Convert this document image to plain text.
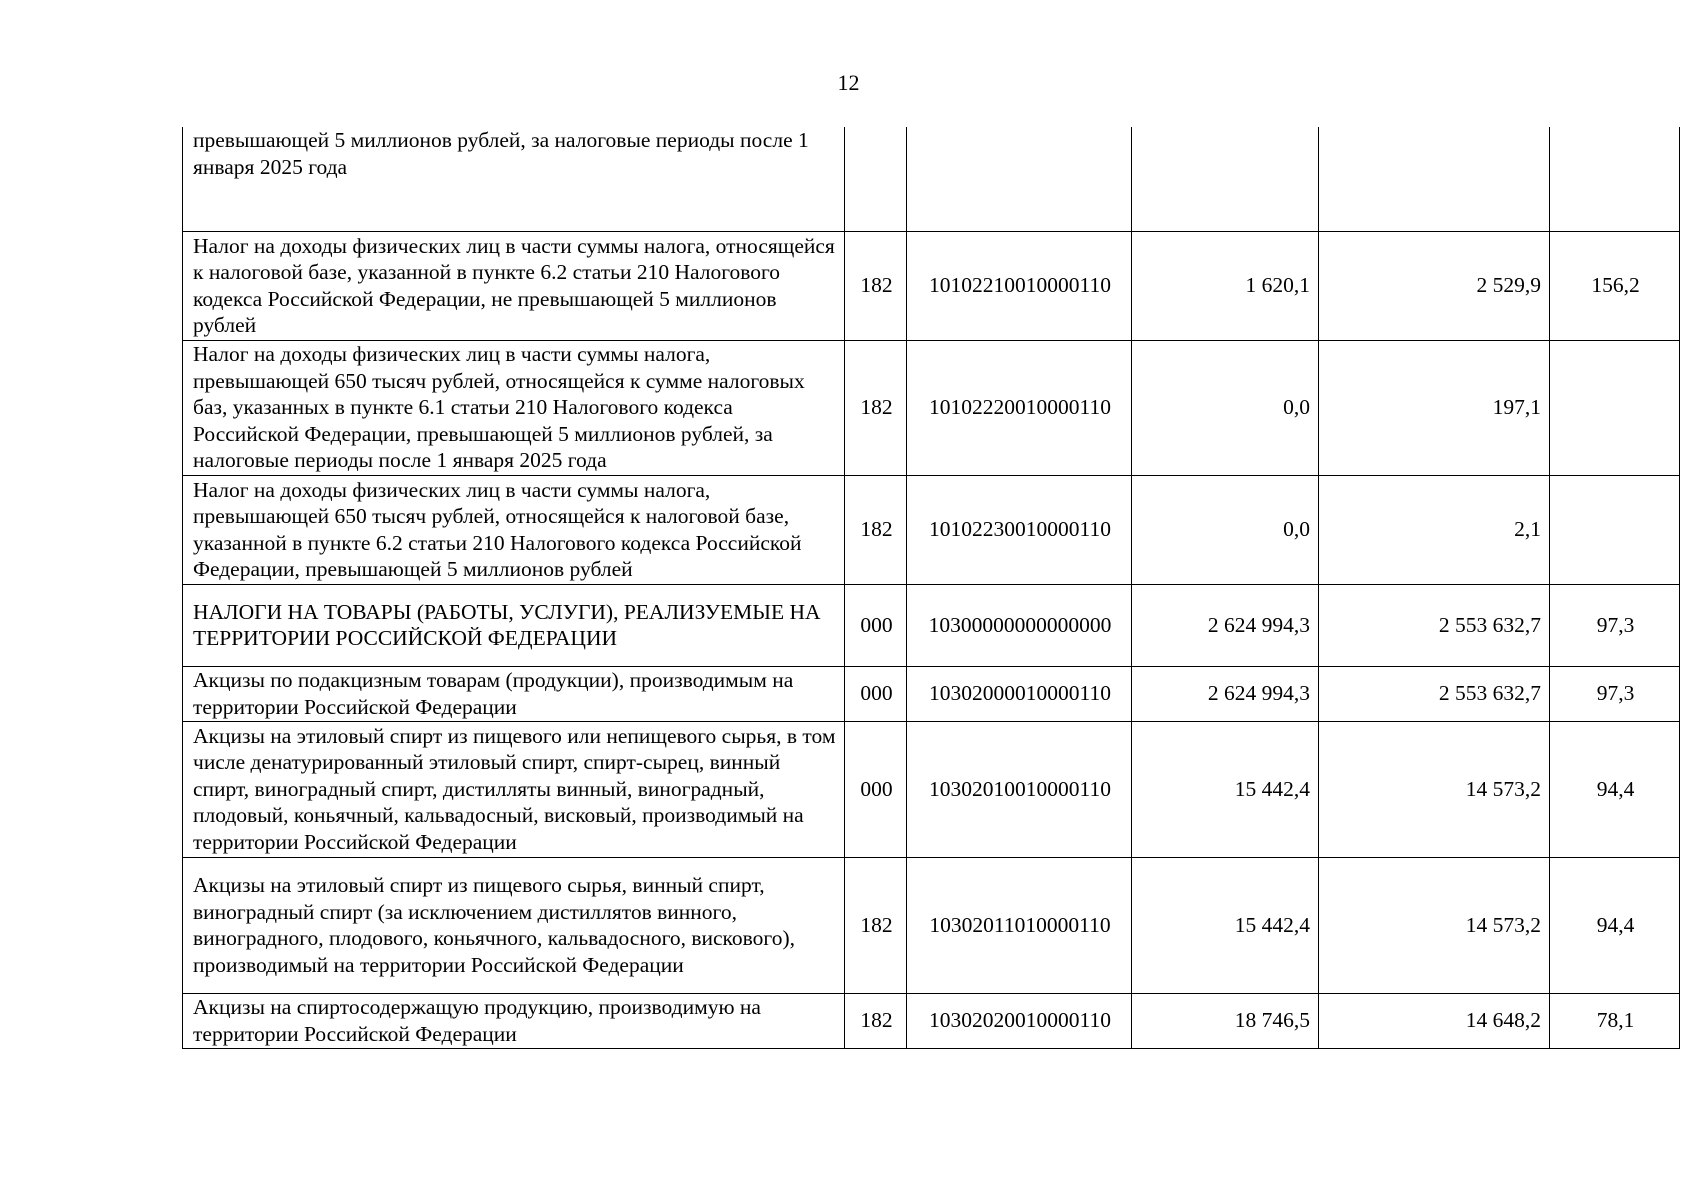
12
превышающей 5 миллионов рублей, за налоговые периоды после 1 января 2025 года					
Налог на доходы физических лиц в части суммы налога, относящейся к налоговой базе, указанной в пункте 6.2 статьи 210 Налогового кодекса Российской Федерации, не превышающей 5 миллионов рублей	182	10102210010000110	1 620,1	2 529,9	156,2
Налог на доходы физических лиц в части суммы налога, превышающей 650 тысяч рублей, относящейся к сумме налоговых баз, указанных в пункте 6.1 статьи 210 Налогового кодекса Российской Федерации, превышающей 5 миллионов рублей, за налоговые периоды после 1 января 2025 года	182	10102220010000110	0,0	197,1	
Налог на доходы физических лиц в части суммы налога, превышающей 650 тысяч рублей, относящейся к налоговой базе, указанной в пункте 6.2 статьи 210 Налогового кодекса Российской Федерации, превышающей 5 миллионов рублей	182	10102230010000110	0,0	2,1	
НАЛОГИ НА ТОВАРЫ (РАБОТЫ, УСЛУГИ), РЕАЛИЗУЕМЫЕ НА ТЕРРИТОРИИ РОССИЙСКОЙ ФЕДЕРАЦИИ	000	10300000000000000	2 624 994,3	2 553 632,7	97,3
Акцизы по подакцизным товарам (продукции), производимым на территории Российской Федерации	000	10302000010000110	2 624 994,3	2 553 632,7	97,3
Акцизы на этиловый спирт из пищевого или непищевого сырья, в том числе денатурированный этиловый спирт, спирт-сырец, винный спирт, виноградный спирт, дистилляты винный, виноградный, плодовый, коньячный, кальвадосный, висковый, производимый на территории Российской Федерации	000	10302010010000110	15 442,4	14 573,2	94,4
Акцизы на этиловый спирт из пищевого сырья, винный спирт, виноградный спирт (за исключением дистиллятов винного, виноградного, плодового, коньячного, кальвадосного, вискового), производимый на территории Российской Федерации	182	10302011010000110	15 442,4	14 573,2	94,4
Акцизы на спиртосодержащую продукцию, производимую на территории Российской Федерации	182	10302020010000110	18 746,5	14 648,2	78,1
